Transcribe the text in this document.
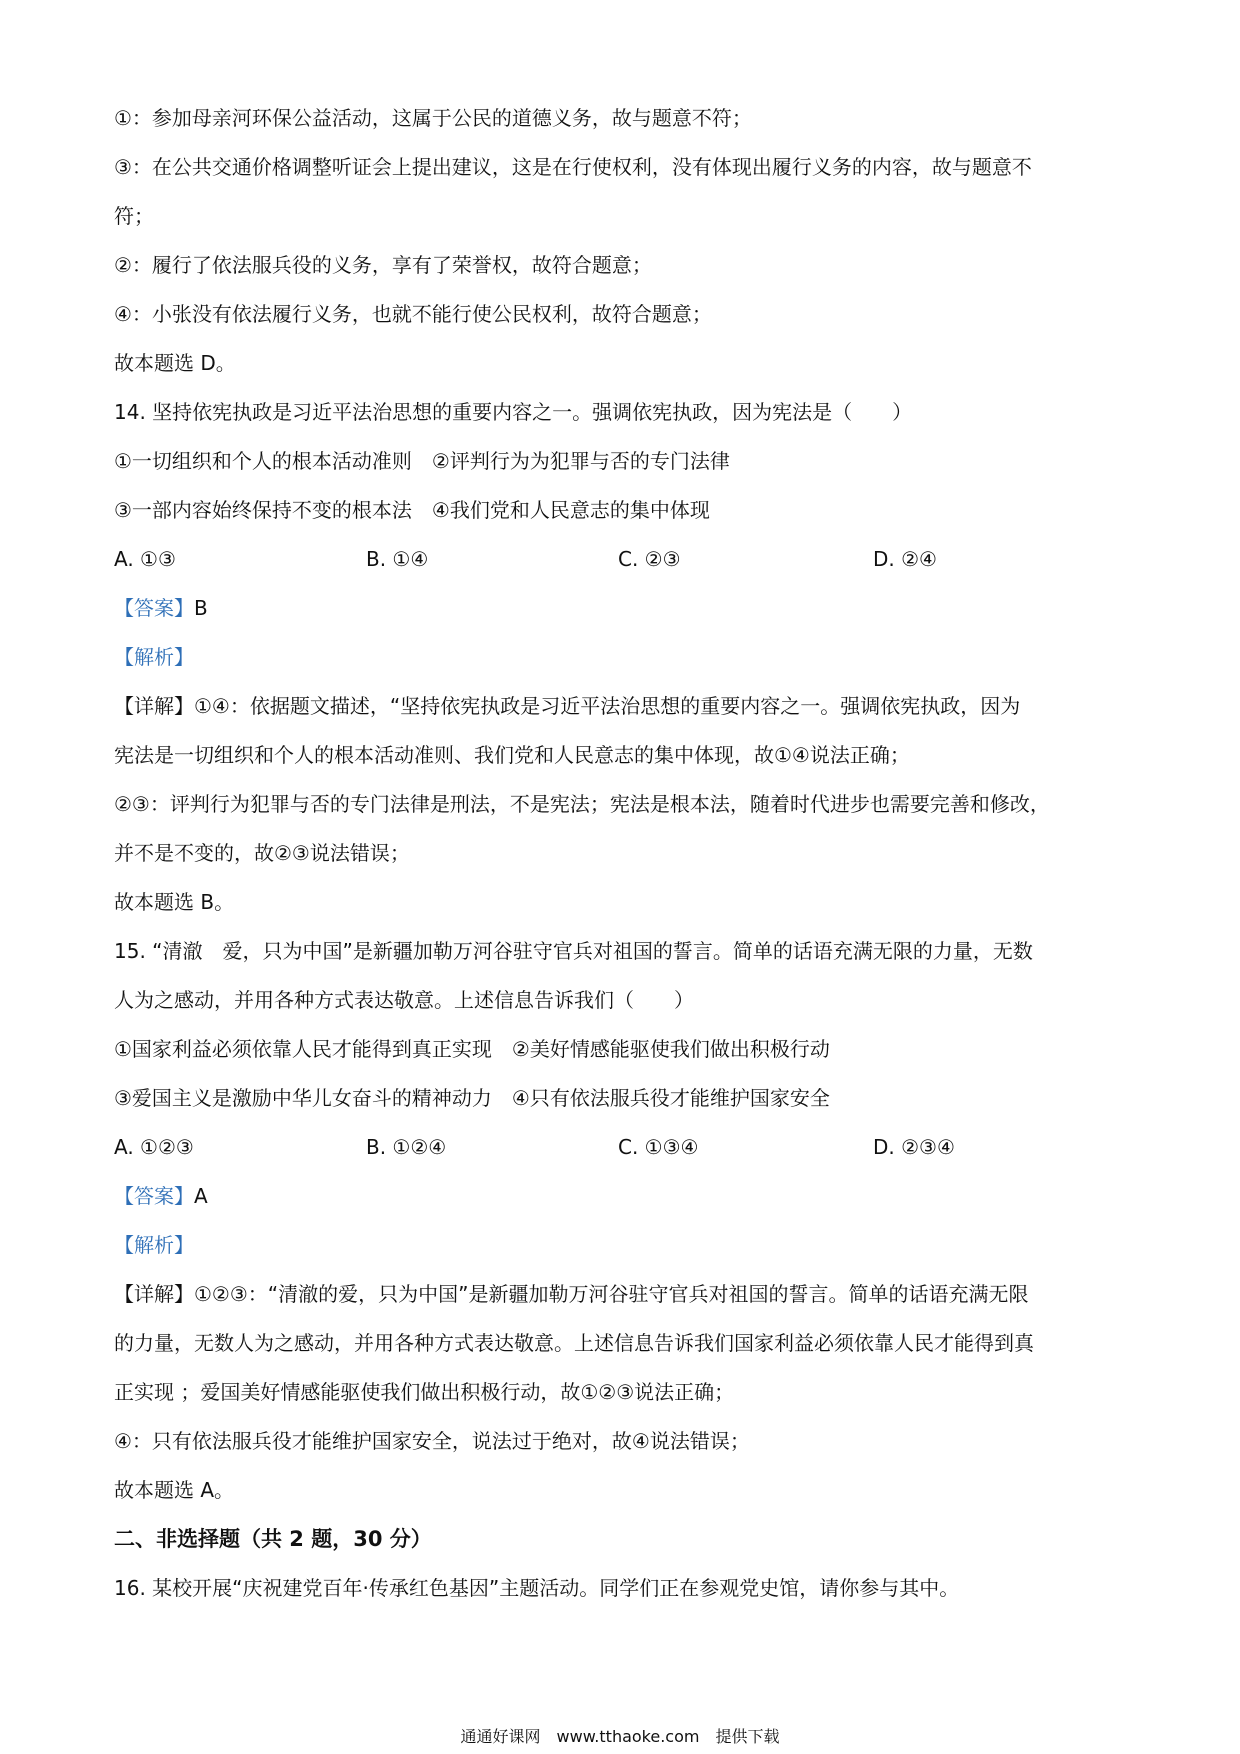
①：参加母亲河环保公益活动，这属于公民的道德义务，故与题意不符；
③：在公共交通价格调整听证会上提出建议，这是在行使权利，没有体现出履行义务的内容，故与题意不
符；
②：履行了依法服兵役的义务，享有了荣誉权，故符合题意；
④：小张没有依法履行义务，也就不能行使公民权利，故符合题意；
故本题选 D。
14. 坚持依宪执政是习近平法治思想的重要内容之一。强调依宪执政，因为宪法是（　　）
①一切组织和个人的根本活动准则　②评判行为为犯罪与否的专门法律
③一部内容始终保持不变的根本法　④我们党和人民意志的集中体现
A. ①③	B. ①④	C. ②③	D. ②④
【答案】B
【解析】
【详解】①④：依据题文描述，“坚持依宪执政是习近平法治思想的重要内容之一。强调依宪执政，因为
宪法是一切组织和个人的根本活动准则、我们党和人民意志的集中体现，故①④说法正确；
②③：评判行为犯罪与否的专门法律是刑法，不是宪法；宪法是根本法，随着时代进步也需要完善和修改，
并不是不变的，故②③说法错误；
故本题选 B。
15. “清澈　爱，只为中国”是新疆加勒万河谷驻守官兵对祖国的誓言。简单的话语充满无限的力量，无数
人为之感动，并用各种方式表达敬意。上述信息告诉我们（　　）
①国家利益必须依靠人民才能得到真正实现　②美好情感能驱使我们做出积极行动
③爱国主义是激励中华儿女奋斗的精神动力　④只有依法服兵役才能维护国家安全
A. ①②③	B. ①②④	C. ①③④	D. ②③④
【答案】A
【解析】
【详解】①②③：“清澈的爱，只为中国”是新疆加勒万河谷驻守官兵对祖国的誓言。简单的话语充满无限
的力量，无数人为之感动，并用各种方式表达敬意。上述信息告诉我们国家利益必须依靠人民才能得到真
正实现 ；爱国美好情感能驱使我们做出积极行动，故①②③说法正确；
④：只有依法服兵役才能维护国家安全，说法过于绝对，故④说法错误；
故本题选 A。
二、非选择题（共 2 题，30 分）
16. 某校开展“庆祝建党百年·传承红色基因”主题活动。同学们正在参观党史馆，请你参与其中。
通通好课网　www.tthaoke.com　提供下载
